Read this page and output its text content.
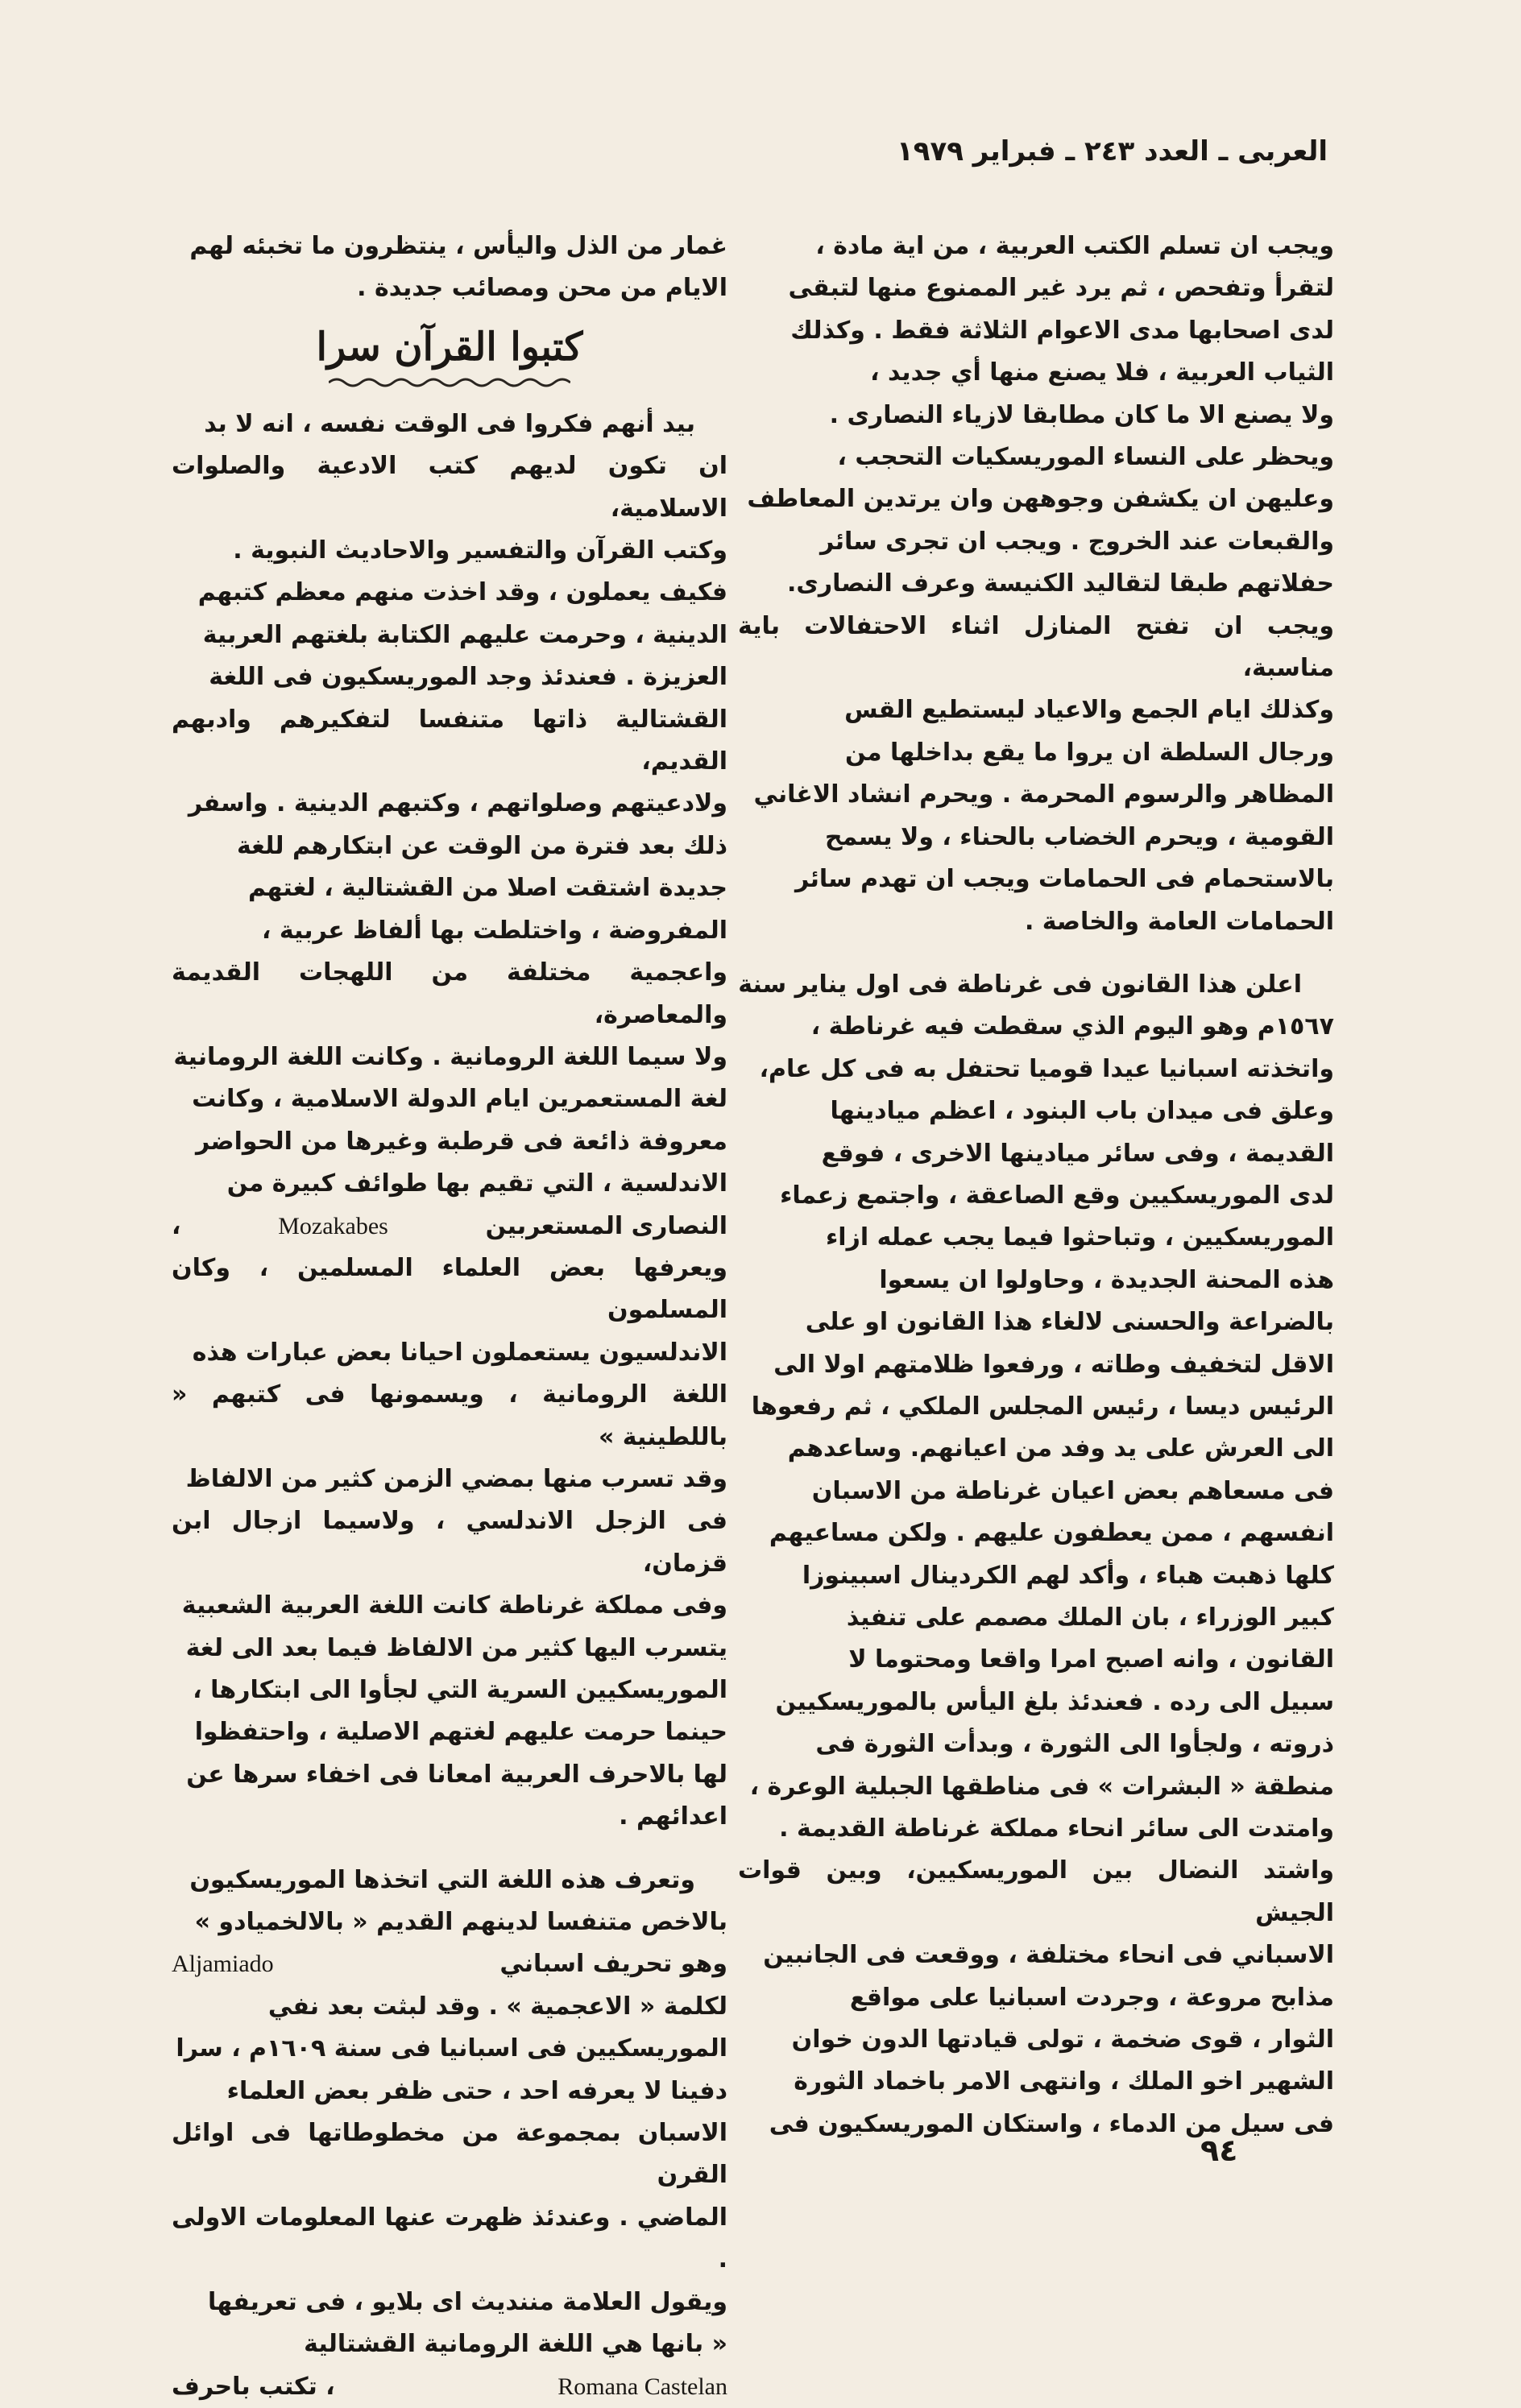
العربى ـ العدد ٢٤٣ ـ فبراير ١٩٧٩

ويجب ان تسلم الكتب العربية ، من اية مادة ،

لتقرأ وتفحص ، ثم يرد غير الممنوع منها لتبقى

لدى اصحابها مدى الاعوام الثلاثة فقط . وكذلك

الثياب العربية ، فلا يصنع منها أي جديد ،

ولا يصنع الا ما كان مطابقا لازياء النصارى .

ويحظر على النساء الموريسكيات التحجب ،

وعليهن ان يكشفن وجوههن وان يرتدين المعاطف

والقبعات عند الخروج . ويجب ان تجرى سائر

حفلاتهم طبقا لتقاليد الكنيسة وعرف النصارى.

ويجب ان تفتح المنازل اثناء الاحتفالات باية مناسبة،

وكذلك ايام الجمع والاعياد ليستطيع القس

ورجال السلطة ان يروا ما يقع بداخلها من

المظاهر والرسوم المحرمة . ويحرم انشاد الاغاني

القومية ، ويحرم الخضاب بالحناء ، ولا يسمح

بالاستحمام فى الحمامات ويجب ان تهدم سائر

الحمامات العامة والخاصة .

اعلن هذا القانون فى غرناطة فى اول يناير سنة

١٥٦٧م وهو اليوم الذي سقطت فيه غرناطة ،

واتخذته اسبانيا عيدا قوميا تحتفل به فى كل عام،

وعلق فى ميدان باب البنود ، اعظم ميادينها

القديمة ، وفى سائر ميادينها الاخرى ، فوقع

لدى الموريسكيين وقع الصاعقة ، واجتمع زعماء

الموريسكيين ، وتباحثوا فيما يجب عمله ازاء

هذه المحنة الجديدة ، وحاولوا ان يسعوا

بالضراعة والحسنى لالغاء هذا القانون او على

الاقل لتخفيف وطاته ، ورفعوا ظلامتهم اولا الى

الرئيس ديسا ، رئيس المجلس الملكي ، ثم رفعوها

الى العرش على يد وفد من اعيانهم. وساعدهم

فى مسعاهم بعض اعيان غرناطة من الاسبان

انفسهم ، ممن يعطفون عليهم . ولكن مساعيهم

كلها ذهبت هباء ، وأكد لهم الكردينال اسبينوزا

كبير الوزراء ، بان الملك مصمم على تنفيذ

القانون ، وانه اصبح امرا واقعا ومحتوما لا

سبيل الى رده . فعندئذ بلغ اليأس بالموريسكيين

ذروته ، ولجأوا الى الثورة ، وبدأت الثورة فى

منطقة « البشرات » فى مناطقها الجبلية الوعرة ،

وامتدت الى سائر انحاء مملكة غرناطة القديمة .

واشتد النضال بين الموريسكيين، وبين قوات الجيش

الاسباني فى انحاء مختلفة ، ووقعت فى الجانبين

مذابح مروعة ، وجردت اسبانيا على مواقع

الثوار ، قوى ضخمة ، تولى قيادتها الدون خوان

الشهير اخو الملك ، وانتهى الامر باخماد الثورة

فى سيل من الدماء ، واستكان الموريسكيون فى

غمار من الذل واليأس ، ينتظرون ما تخبئه لهم

الايام من محن ومصائب جديدة .

كتبوا القرآن سرا

بيد أنهم فكروا فى الوقت نفسه ، انه لا بد

ان تكون لديهم كتب الادعية والصلوات الاسلامية،

وكتب القرآن والتفسير والاحاديث النبوية .

فكيف يعملون ، وقد اخذت منهم معظم كتبهم

الدينية ، وحرمت عليهم الكتابة بلغتهم العربية

العزيزة . فعندئذ وجد الموريسكيون فى اللغة

القشتالية ذاتها متنفسا لتفكيرهم وادبهم القديم،

ولادعيتهم وصلواتهم ، وكتبهم الدينية . واسفر

ذلك بعد فترة من الوقت عن ابتكارهم للغة

جديدة اشتقت اصلا من القشتالية ، لغتهم

المفروضة ، واختلطت بها ألفاظ عربية ،

واعجمية مختلفة من اللهجات القديمة والمعاصرة،

ولا سيما اللغة الرومانية . وكانت اللغة الرومانية

لغة المستعمرين ايام الدولة الاسلامية ، وكانت

معروفة ذائعة فى قرطبة وغيرها من الحواضر

الاندلسية ، التي تقيم بها طوائف كبيرة من

النصارى المستعربين
Mozakabes
،

ويعرفها بعض العلماء المسلمين ، وكان المسلمون

الاندلسيون يستعملون احيانا بعض عبارات هذه

اللغة الرومانية ، ويسمونها فى كتبهم « باللطينية »

وقد تسرب منها بمضي الزمن كثير من الالفاظ

فى الزجل الاندلسي ، ولاسيما ازجال ابن قزمان،

وفى مملكة غرناطة كانت اللغة العربية الشعبية

يتسرب اليها كثير من الالفاظ فيما بعد الى لغة

الموريسكيين السرية التي لجأوا الى ابتكارها ،

حينما حرمت عليهم لغتهم الاصلية ، واحتفظوا

لها بالاحرف العربية امعانا فى اخفاء سرها عن

اعدائهم .

وتعرف هذه اللغة التي اتخذها الموريسكيون

بالاخص متنفسا لدينهم القديم « بالالخميادو »

وهو تحريف اسباني
Aljamiado

لكلمة « الاعجمية » . وقد لبثت بعد نفي

الموريسكيين فى اسبانيا فى سنة ١٦٠٩م ، سرا

دفينا لا يعرفه احد ، حتى ظفر بعض العلماء

الاسبان بمجموعة من مخطوطاتها فى اوائل القرن

الماضي . وعندئذ ظهرت عنها المعلومات الاولى .

ويقول العلامة مننديث اى بلايو ، فى تعريفها

« بانها هي اللغة الرومانية القشتالية

Romana Castelan
، تكتب باحرف
٩٤
